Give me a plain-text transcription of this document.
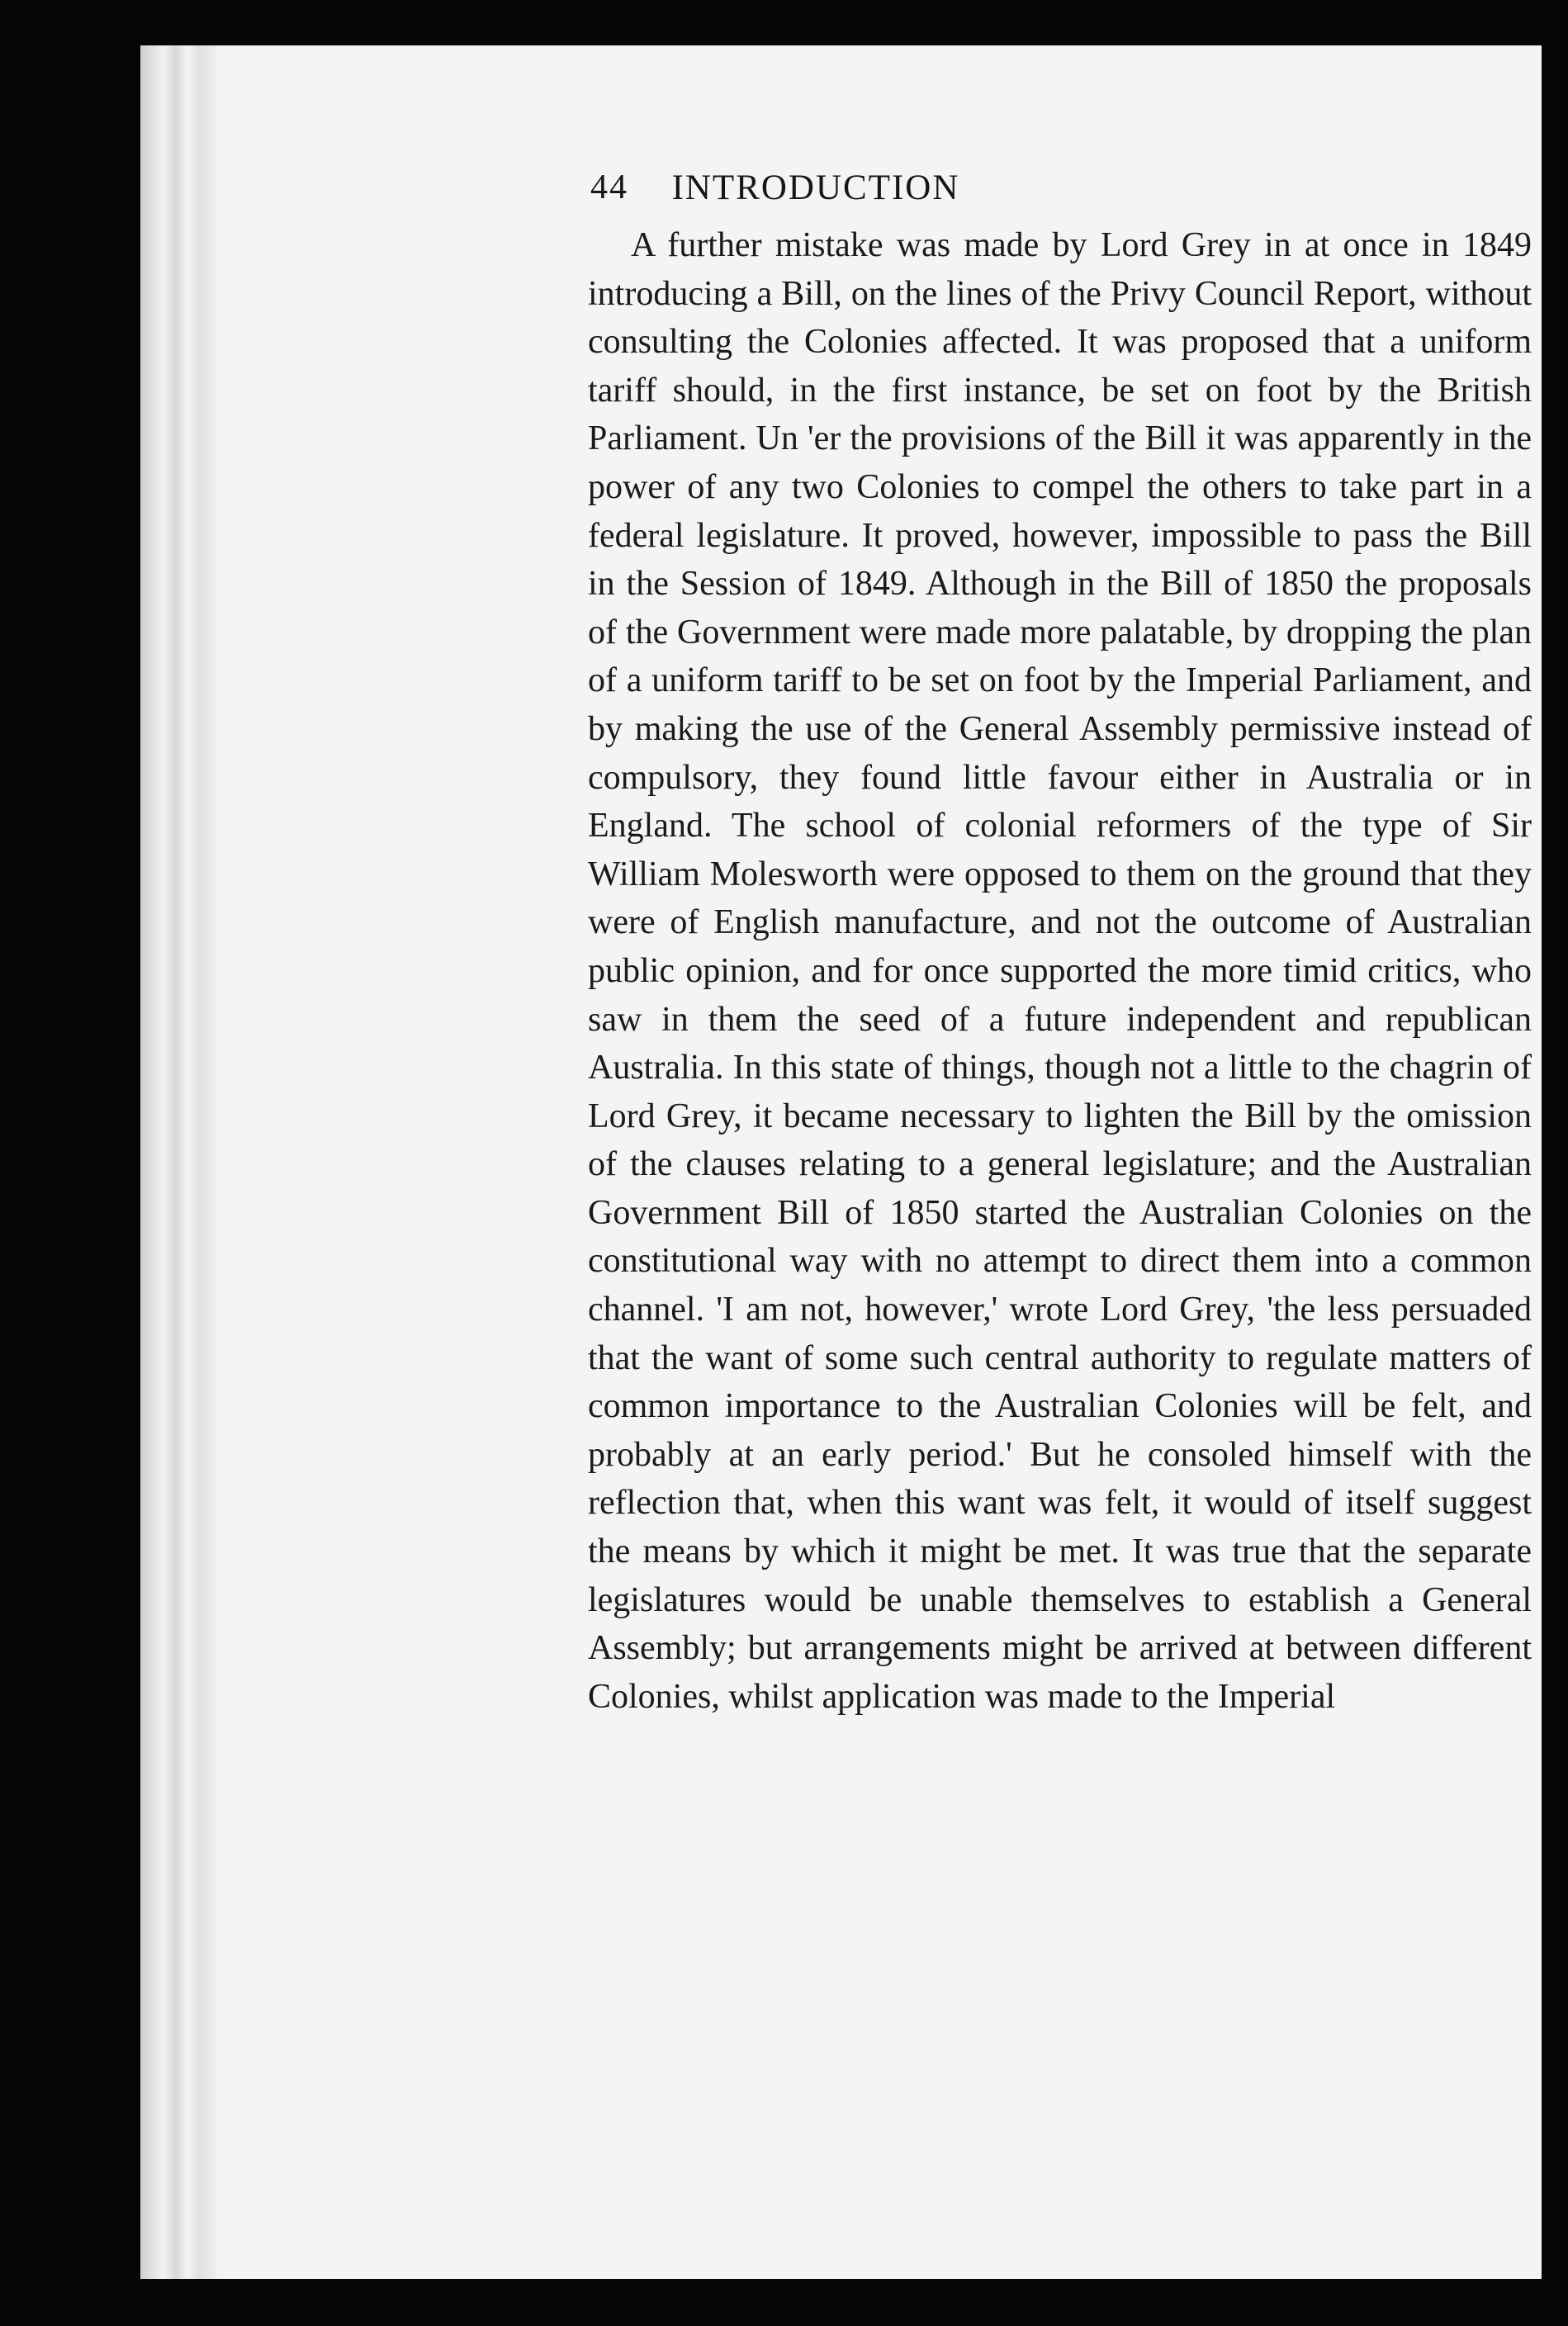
44	INTRODUCTION

A further mistake was made by Lord Grey in at once in 1849 introducing a Bill, on the lines of the Privy Council Report, without consulting the Colonies affected. It was proposed that a uniform tariff should, in the first instance, be set on foot by the British Parliament. Un 'er the provisions of the Bill it was apparently in the power of any two Colonies to compel the others to take part in a federal legislature. It proved, however, impossible to pass the Bill in the Session of 1849. Although in the Bill of 1850 the proposals of the Government were made more palatable, by dropping the plan of a uniform tariff to be set on foot by the Imperial Parliament, and by making the use of the General Assembly permissive instead of compulsory, they found little favour either in Australia or in England. The school of colonial reformers of the type of Sir William Molesworth were opposed to them on the ground that they were of English manufacture, and not the outcome of Australian public opinion, and for once supported the more timid critics, who saw in them the seed of a future independent and republican Australia. In this state of things, though not a little to the chagrin of Lord Grey, it became necessary to lighten the Bill by the omission of the clauses relating to a general legislature; and the Australian Government Bill of 1850 started the Australian Colonies on the constitutional way with no attempt to direct them into a common channel. 'I am not, however,' wrote Lord Grey, 'the less persuaded that the want of some such central authority to regulate matters of common importance to the Australian Colonies will be felt, and probably at an early period.' But he consoled himself with the reflection that, when this want was felt, it would of itself suggest the means by which it might be met. It was true that the separate legislatures would be unable themselves to establish a General Assembly; but arrangements might be arrived at between different Colonies, whilst application was made to the Imperial
